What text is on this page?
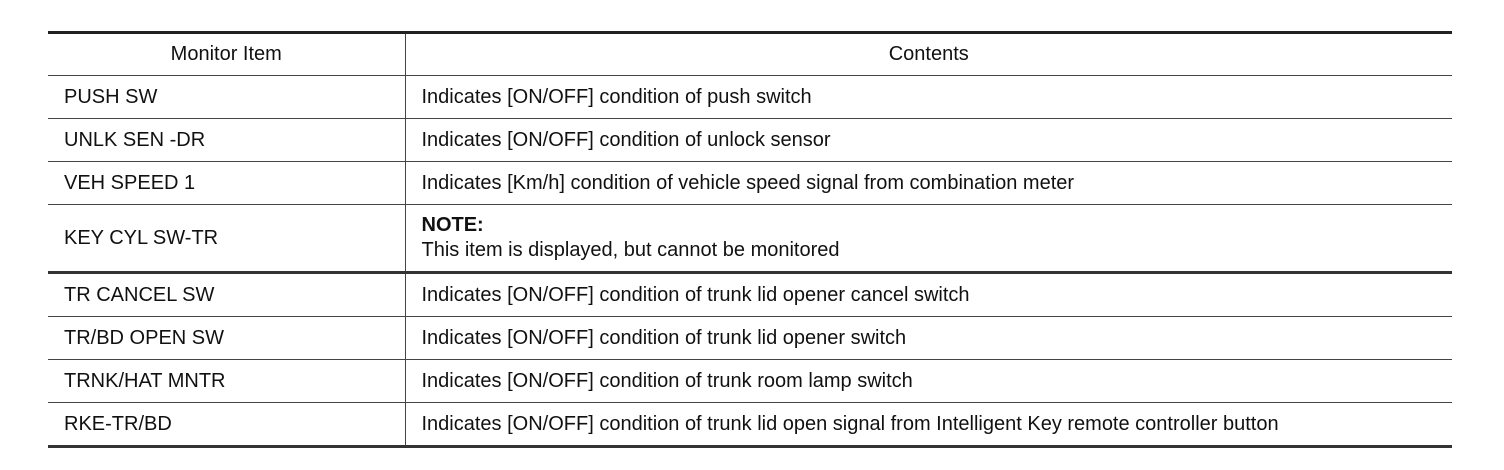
Monitor Item	Contents
PUSH SW	Indicates [ON/OFF] condition of push switch
UNLK SEN -DR	Indicates [ON/OFF] condition of unlock sensor
VEH SPEED 1	Indicates [Km/h] condition of vehicle speed signal from combination meter
KEY CYL SW-TR	NOTE:
This item is displayed, but cannot be monitored

TR CANCEL SW	Indicates [ON/OFF] condition of trunk lid opener cancel switch
TR/BD OPEN SW	Indicates [ON/OFF] condition of trunk lid opener switch
TRNK/HAT MNTR	Indicates [ON/OFF] condition of trunk room lamp switch
RKE-TR/BD	Indicates [ON/OFF] condition of trunk lid open signal from Intelligent Key remote controller button
